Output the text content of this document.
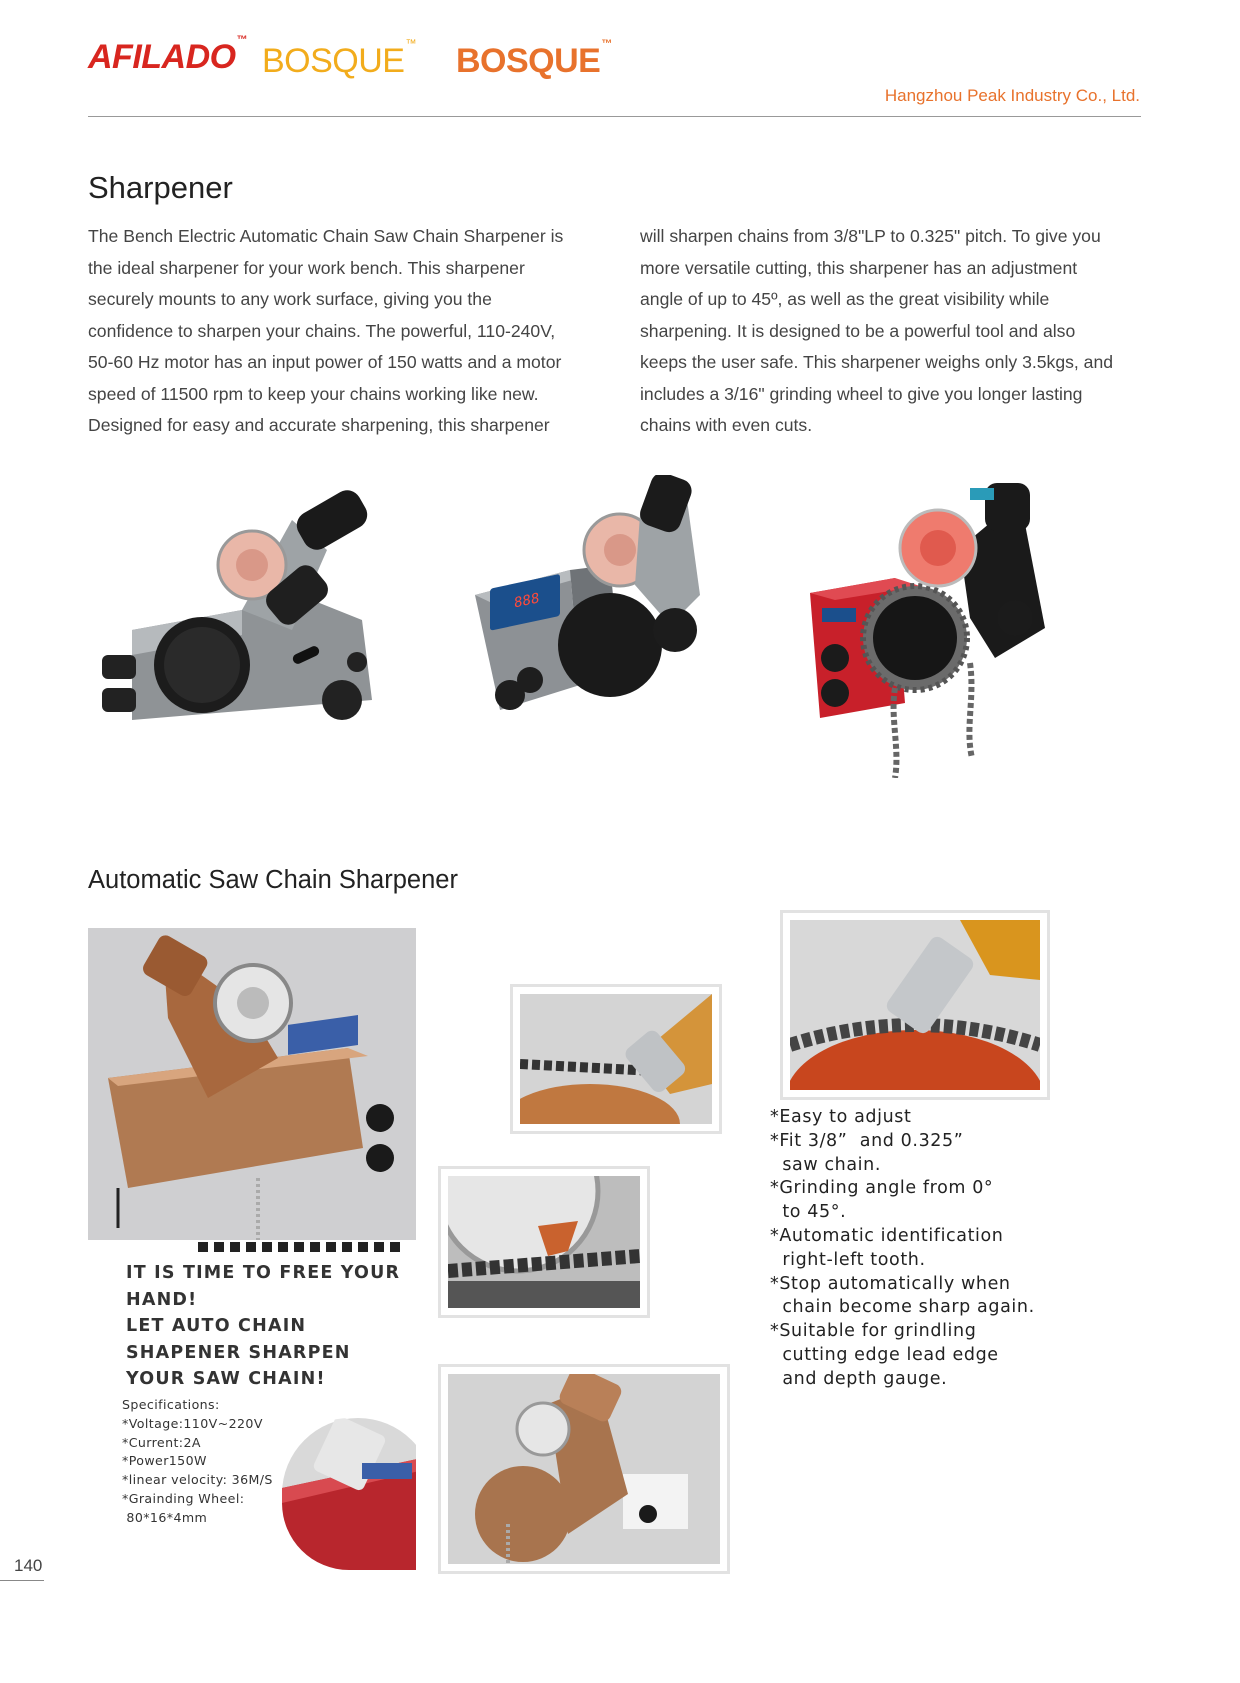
AFILADO™
BOSQUE™ BOSQUE™
Hangzhou Peak Industry Co., Ltd.
Sharpener
The Bench Electric Automatic Chain Saw Chain Sharpener is
the ideal sharpener for your work bench. This sharpener
securely mounts to any work surface, giving you the
confidence to sharpen your chains. The powerful, 110-240V,
50-60 Hz motor has an input power of 150 watts and a motor
speed of 11500 rpm to keep your chains working like new.
Designed for easy and accurate sharpening, this sharpener
will sharpen chains from 3/8"LP to 0.325" pitch. To give you
more versatile cutting, this sharpener has an adjustment
angle of up to 45º, as well as the great visibility while
sharpening. It is designed to be a powerful tool and also
keeps the user safe. This sharpener weighs only 3.5kgs, and
includes a 3/16" grinding wheel to give you longer lasting
chains with even cuts.
888
Automatic Saw Chain Sharpener
IT IS TIME TO FREE YOUR
HAND!
LET AUTO CHAIN
SHAPENER SHARPEN
YOUR SAW CHAIN!
Specifications:
*Voltage:110V~220V
*Current:2A
*Power150W
*linear velocity: 36M/S
*Grainding Wheel:
80*16*4mm
*Easy to adjust
*Fit 3/8”  and 0.325”
saw chain.
*Grinding angle from 0°
to 45°.
*Automatic identification
right-left tooth.
*Stop automatically when
chain become sharp again.
*Suitable for grindling
cutting edge lead edge
and depth gauge.
140
